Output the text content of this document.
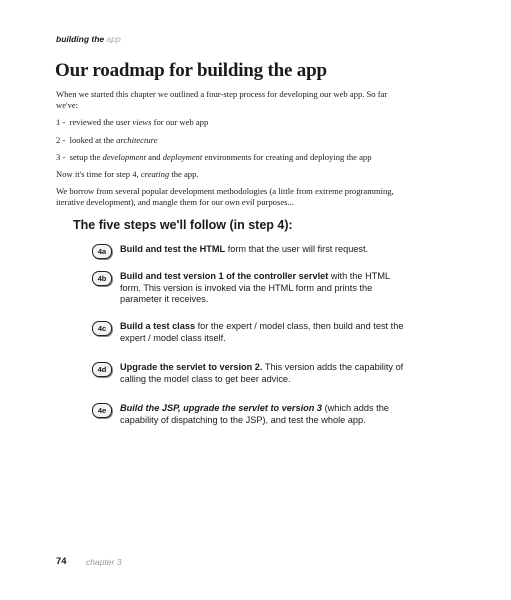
building the app
Our roadmap for building the app

When we started this chapter we outlined a four-step process for developing our web app. So far we've:

1 -  reviewed the user views for our web app
2 -  looked at the architecture
3 -  setup the development and deployment environments for creating and deploying the app

Now it's time for step 4, creating the app.

We borrow from several popular development methodologies (a little from extreme programming, iterative development), and mangle them for our own evil purposes...

The five steps we'll follow (in step 4):
4a	Build and test the HTML form that the user will first request.
4b	Build and test version 1 of the controller servlet with the HTML form. This version is invoked via the HTML form and prints the parameter it receives.
4c	Build a test class for the expert / model class, then build and test the expert / model class itself.
4d	Upgrade the servlet to version 2. This version adds the capability of calling the model class to get beer advice.
4e	Build the JSP, upgrade the servlet to version 3 (which adds the capability of dispatching to the JSP), and test the whole app.
74 chapter 3
